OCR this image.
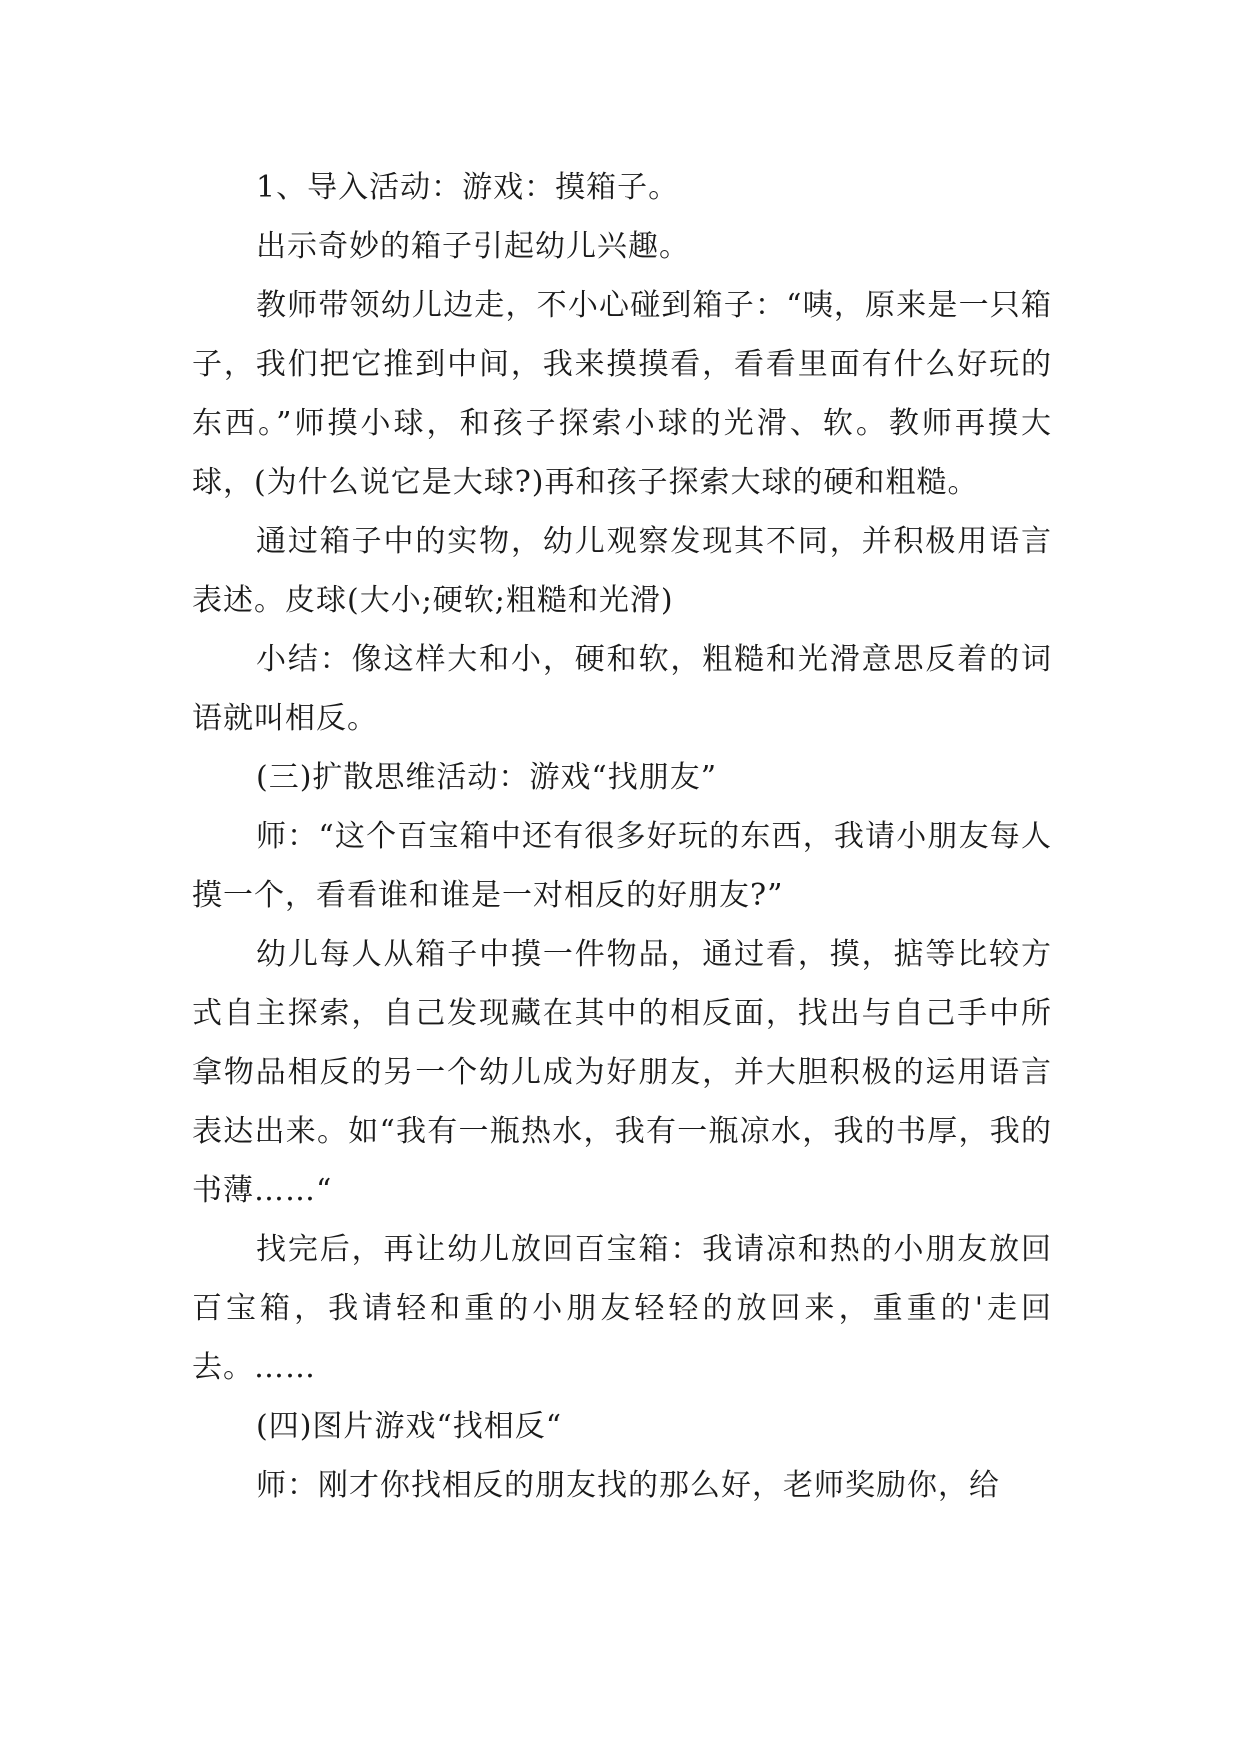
1、导入活动：游戏：摸箱子。

出示奇妙的箱子引起幼儿兴趣。

教师带领幼儿边走，不小心碰到箱子：“咦，原来是一只箱子，我们把它推到中间，我来摸摸看，看看里面有什么好玩的东西。”师摸小球，和孩子探索小球的光滑、软。教师再摸大球，(为什么说它是大球?)再和孩子探索大球的硬和粗糙。

通过箱子中的实物，幼儿观察发现其不同，并积极用语言表述。皮球(大小;硬软;粗糙和光滑)

小结：像这样大和小，硬和软，粗糙和光滑意思反着的词语就叫相反。

(三)扩散思维活动：游戏“找朋友”

师：“这个百宝箱中还有很多好玩的东西，我请小朋友每人摸一个，看看谁和谁是一对相反的好朋友?”

幼儿每人从箱子中摸一件物品，通过看，摸，掂等比较方式自主探索，自己发现藏在其中的相反面，找出与自己手中所拿物品相反的另一个幼儿成为好朋友，并大胆积极的运用语言表达出来。如“我有一瓶热水，我有一瓶凉水，我的书厚，我的书薄……“

找完后，再让幼儿放回百宝箱：我请凉和热的小朋友放回百宝箱，我请轻和重的小朋友轻轻的放回来，重重的'走回去。……

(四)图片游戏“找相反“

师：刚才你找相反的朋友找的那么好，老师奖励你，给
